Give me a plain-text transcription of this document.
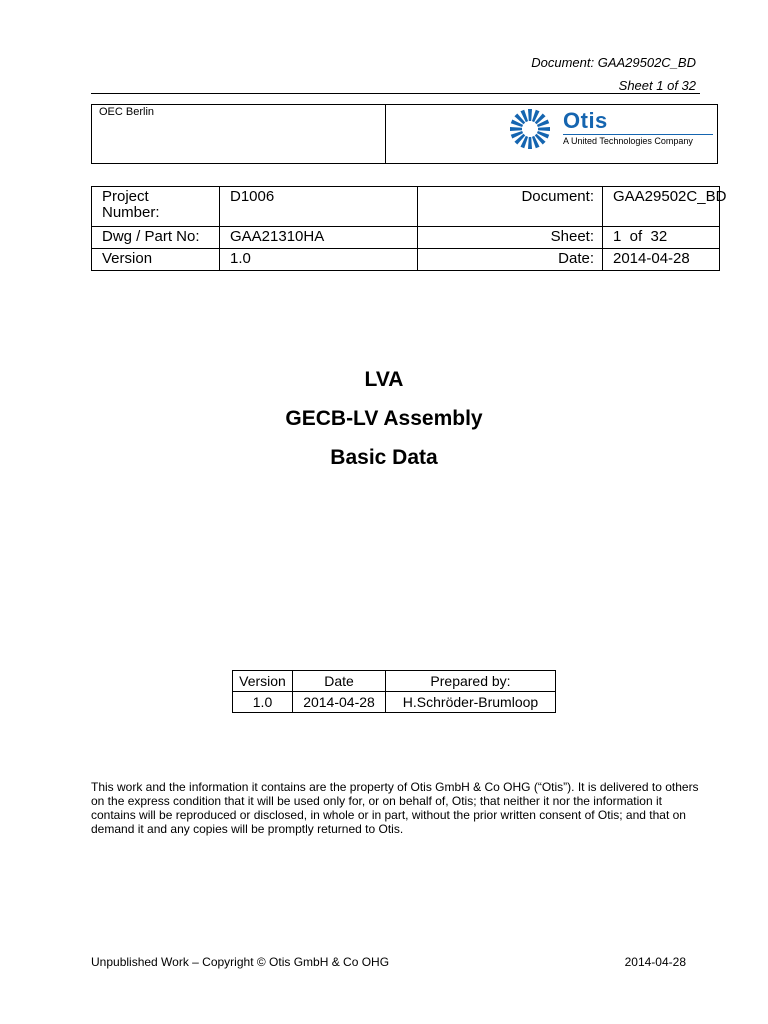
Document: GAA29502C_BD
Sheet 1 of 32
OEC Berlin	Otis
A United Technologies Company
Project Number:	D1006	Document:	GAA29502C_BD
Dwg / Part No:	GAA21310HA	Sheet:	1  of  32
Version	1.0	Date:	2014-04-28
LVA
GECB-LV Assembly
Basic Data
Version	Date	Prepared by:
1.0	2014-04-28	H.Schröder-Brumloop
This work and the information it contains are the property of Otis GmbH & Co OHG (“Otis”). It is delivered to others on the express condition that it will be used only for, or on behalf of, Otis; that neither it nor the information it contains will be reproduced or disclosed, in whole or in part, without the prior written consent of Otis; and that on demand it and any copies will be promptly returned to Otis.
Unpublished Work – Copyright © Otis GmbH & Co OHG	2014-04-28
